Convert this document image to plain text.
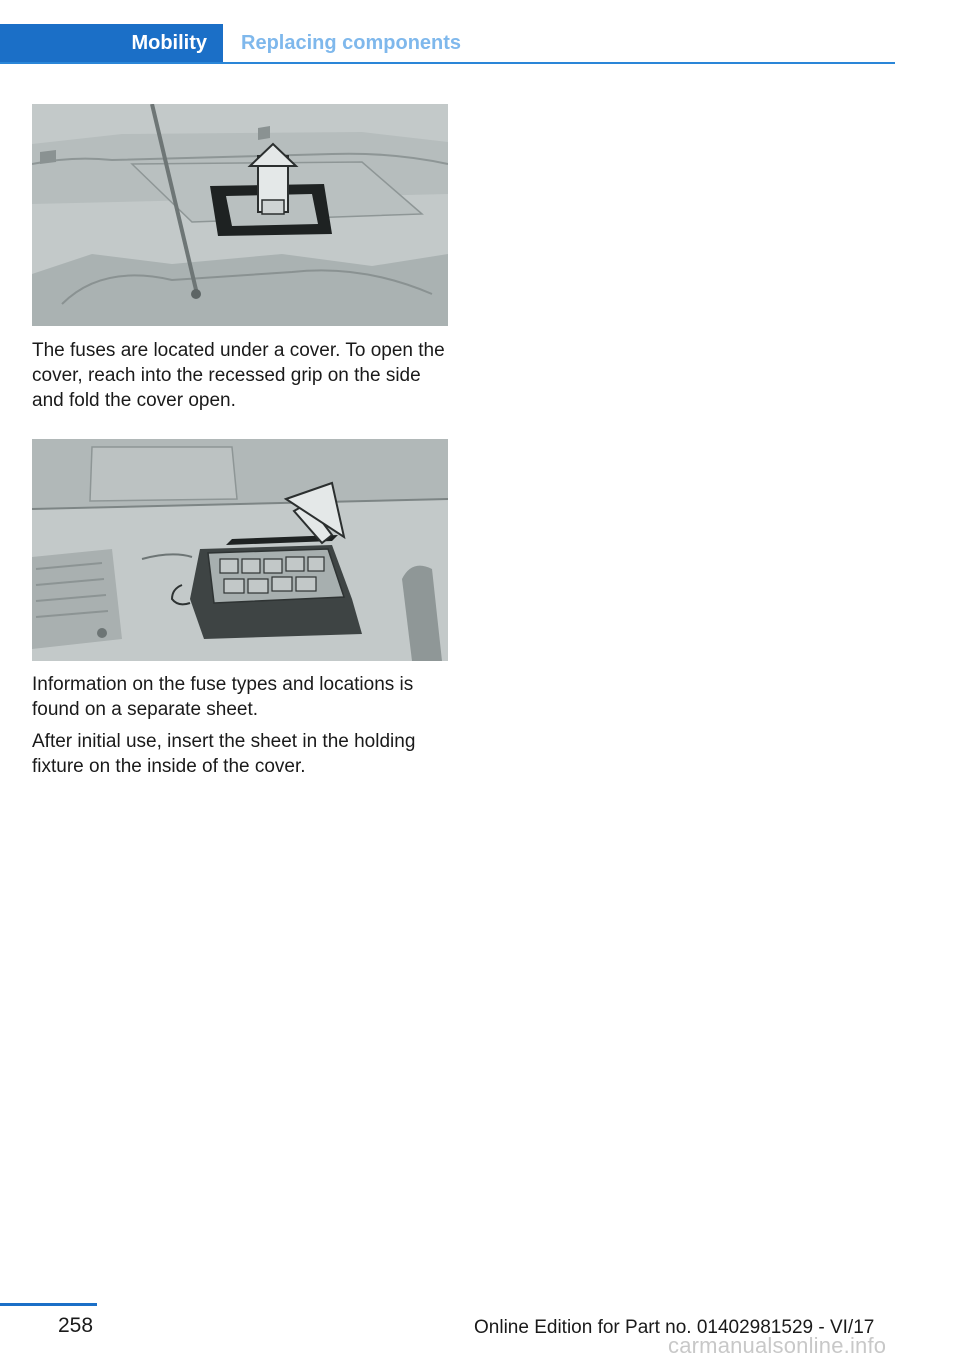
Mobility Replacing components

The fuses are located under a cover. To open the cover, reach into the recessed grip on the side and fold the cover open.

Information on the fuse types and locations is found on a separate sheet.

After initial use, insert the sheet in the holding fixture on the inside of the cover.

258	Online Edition for Part no. 01402981529 - VI/17
carmanualsonline.info
